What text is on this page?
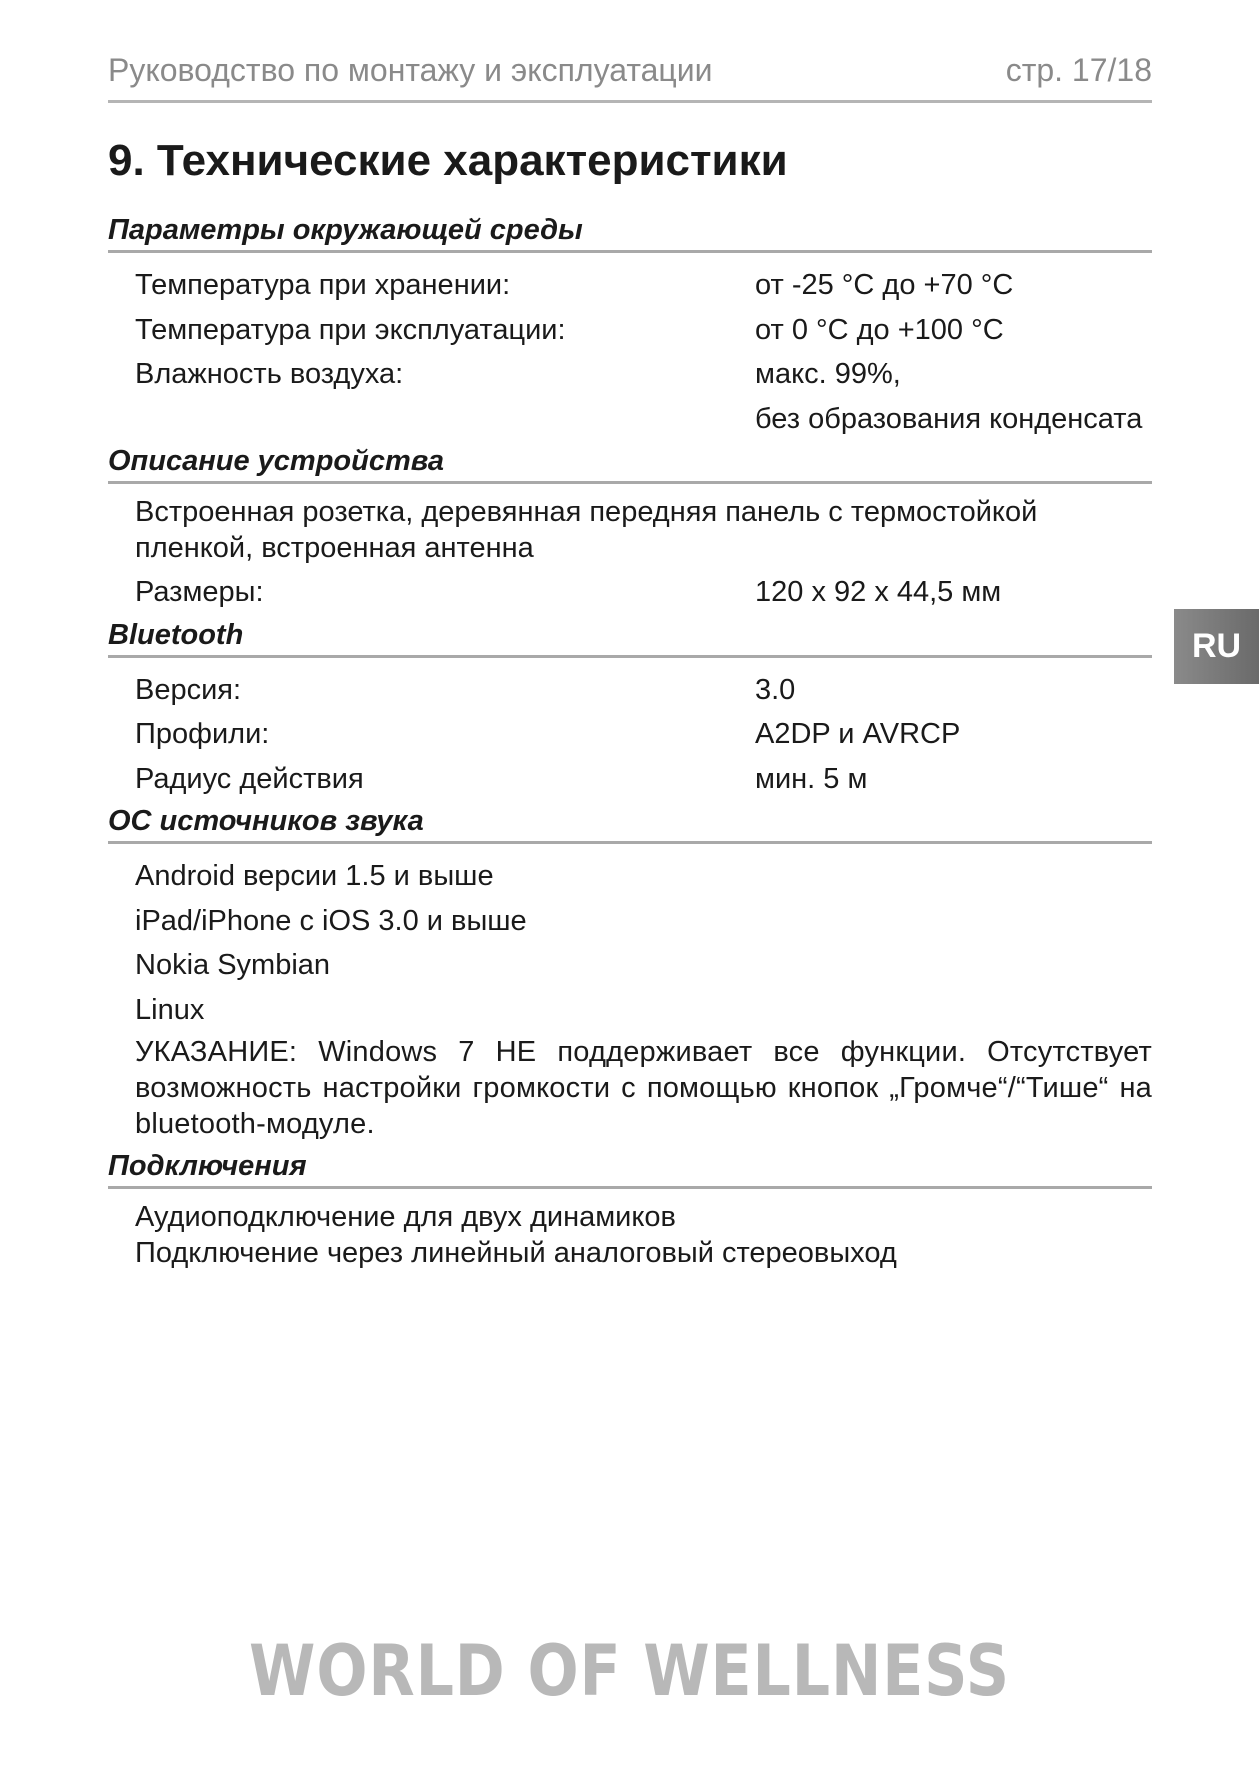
Руководство по монтажу и эксплуатации	стр. 17/18
9. Технические характеристики
Параметры окружающей среды
Температура при хранении:	от -25 °C до +70 °C
Температура при эксплуатации:	от 0 °C до +100 °C
Влажность воздуха:	макс. 99%,
без образования конденсата
Описание устройства
Встроенная розетка, деревянная передняя панель с термостойкой пленкой, встроенная антенна
Размеры:	120 x 92 x 44,5 мм
Bluetooth
Версия:	3.0
Профили:	A2DP и AVRCP
Радиус действия	мин. 5 м
ОС источников звука
Android версии 1.5 и выше
iPad/iPhone с iOS 3.0 и выше
Nokia Symbian
Linux
УКАЗАНИЕ: Windows 7 НЕ поддерживает все функции. Отсутствует возможность настройки громкости с помощью кнопок „Громче“/“Тише“ на bluetooth-модуле.
Подключения
Аудиоподключение для двух динамиков
Подключение через линейный аналоговый стереовыход
RU
WORLD OF WELLNESS
